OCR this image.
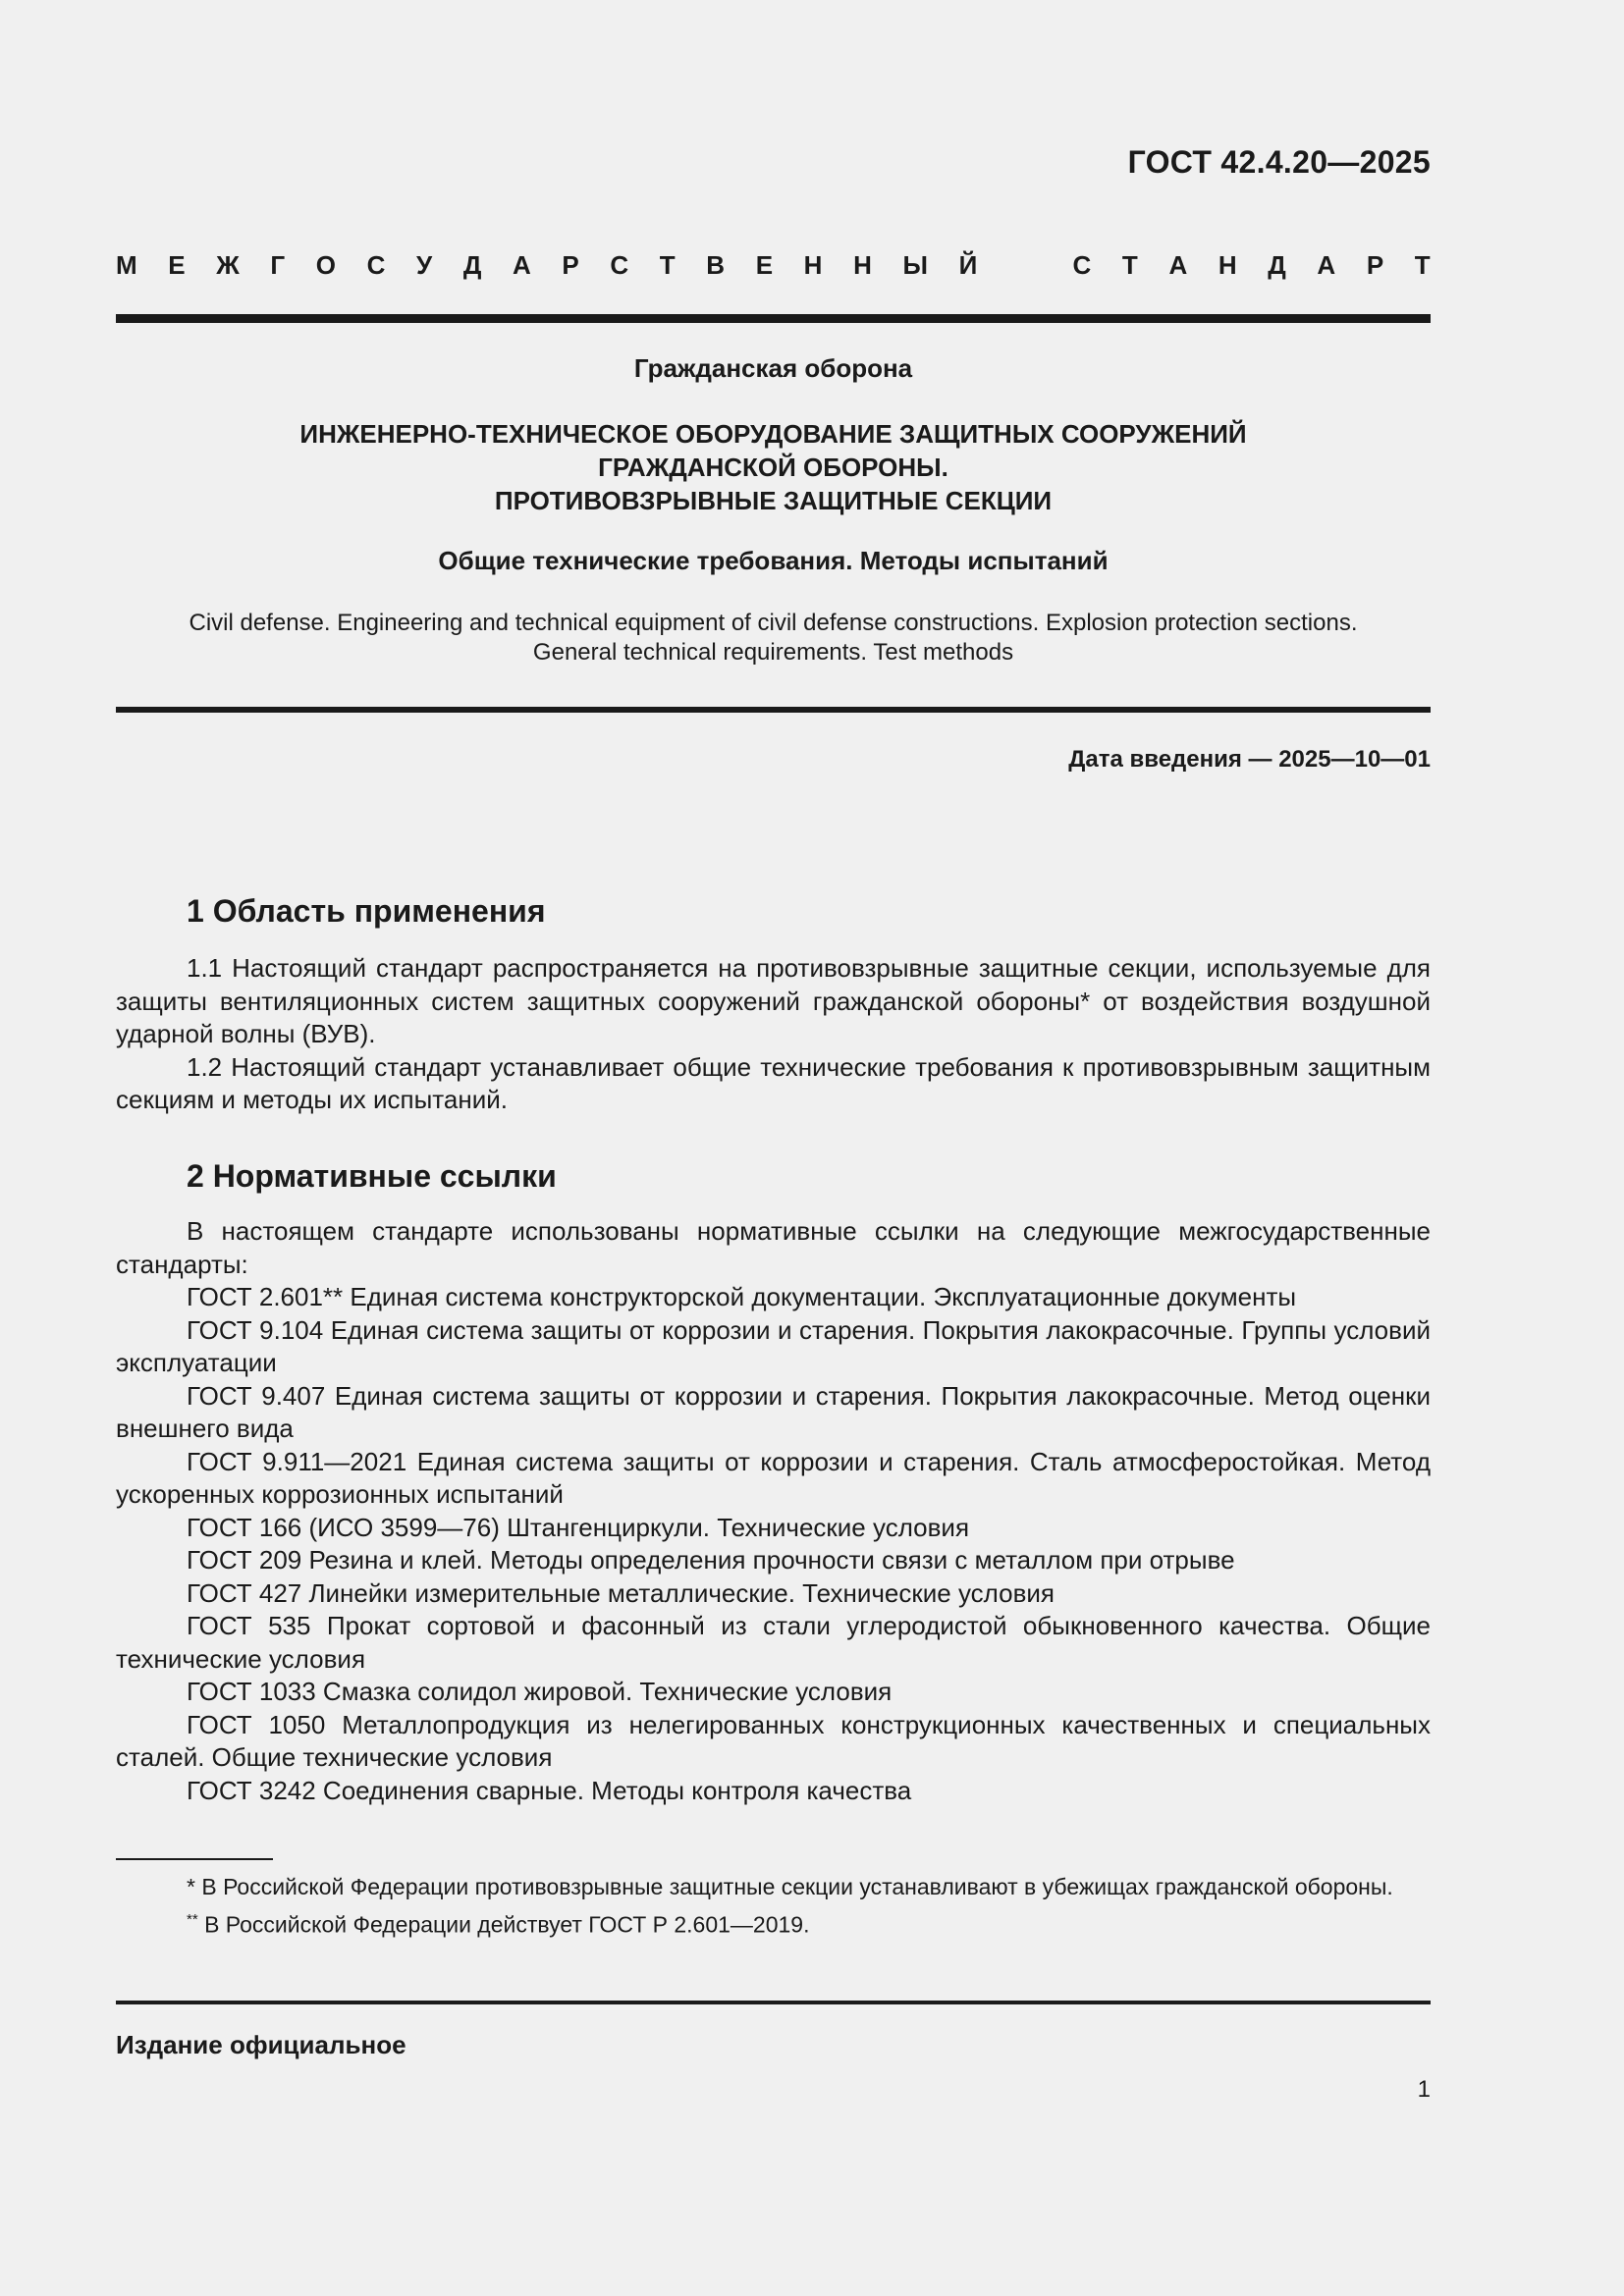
ГОСТ 42.4.20—2025
М Е Ж Г О С У Д А Р С Т В Е Н Н Ы Й	С Т А Н Д А Р Т
Гражданская оборона
ИНЖЕНЕРНО-ТЕХНИЧЕСКОЕ ОБОРУДОВАНИЕ ЗАЩИТНЫХ СООРУЖЕНИЙ
ГРАЖДАНСКОЙ ОБОРОНЫ.
ПРОТИВОВЗРЫВНЫЕ ЗАЩИТНЫЕ СЕКЦИИ
Общие технические требования. Методы испытаний
Civil defense. Engineering and technical equipment of civil defense constructions. Explosion protection sections.
General technical requirements. Test methods
Дата введения — 2025—10—01
1 Область применения

1.1 Настоящий стандарт распространяется на противовзрывные защитные секции, используемые для защиты вентиляционных систем защитных сооружений гражданской обороны* от воздействия воздушной ударной волны (ВУВ).

1.2 Настоящий стандарт устанавливает общие технические требования к противовзрывным защитным секциям и методы их испытаний.

2 Нормативные ссылки

В настоящем стандарте использованы нормативные ссылки на следующие межгосударственные стандарты:

ГОСТ 2.601** Единая система конструкторской документации. Эксплуатационные документы

ГОСТ 9.104 Единая система защиты от коррозии и старения. Покрытия лакокрасочные. Группы условий эксплуатации

ГОСТ 9.407 Единая система защиты от коррозии и старения. Покрытия лакокрасочные. Метод оценки внешнего вида

ГОСТ 9.911—2021 Единая система защиты от коррозии и старения. Сталь атмосферостойкая. Метод ускоренных коррозионных испытаний

ГОСТ 166 (ИСО 3599—76) Штангенциркули. Технические условия

ГОСТ 209 Резина и клей. Методы определения прочности связи с металлом при отрыве

ГОСТ 427 Линейки измерительные металлические. Технические условия

ГОСТ 535 Прокат сортовой и фасонный из стали углеродистой обыкновенного качества. Общие технические условия

ГОСТ 1033 Смазка солидол жировой. Технические условия

ГОСТ 1050 Металлопродукция из нелегированных конструкционных качественных и специальных сталей. Общие технические условия

ГОСТ 3242 Соединения сварные. Методы контроля качества

* В Российской Федерации противовзрывные защитные секции устанавливают в убежищах гражданской обороны.

** В Российской Федерации действует ГОСТ Р 2.601—2019.

Издание официальное
1
